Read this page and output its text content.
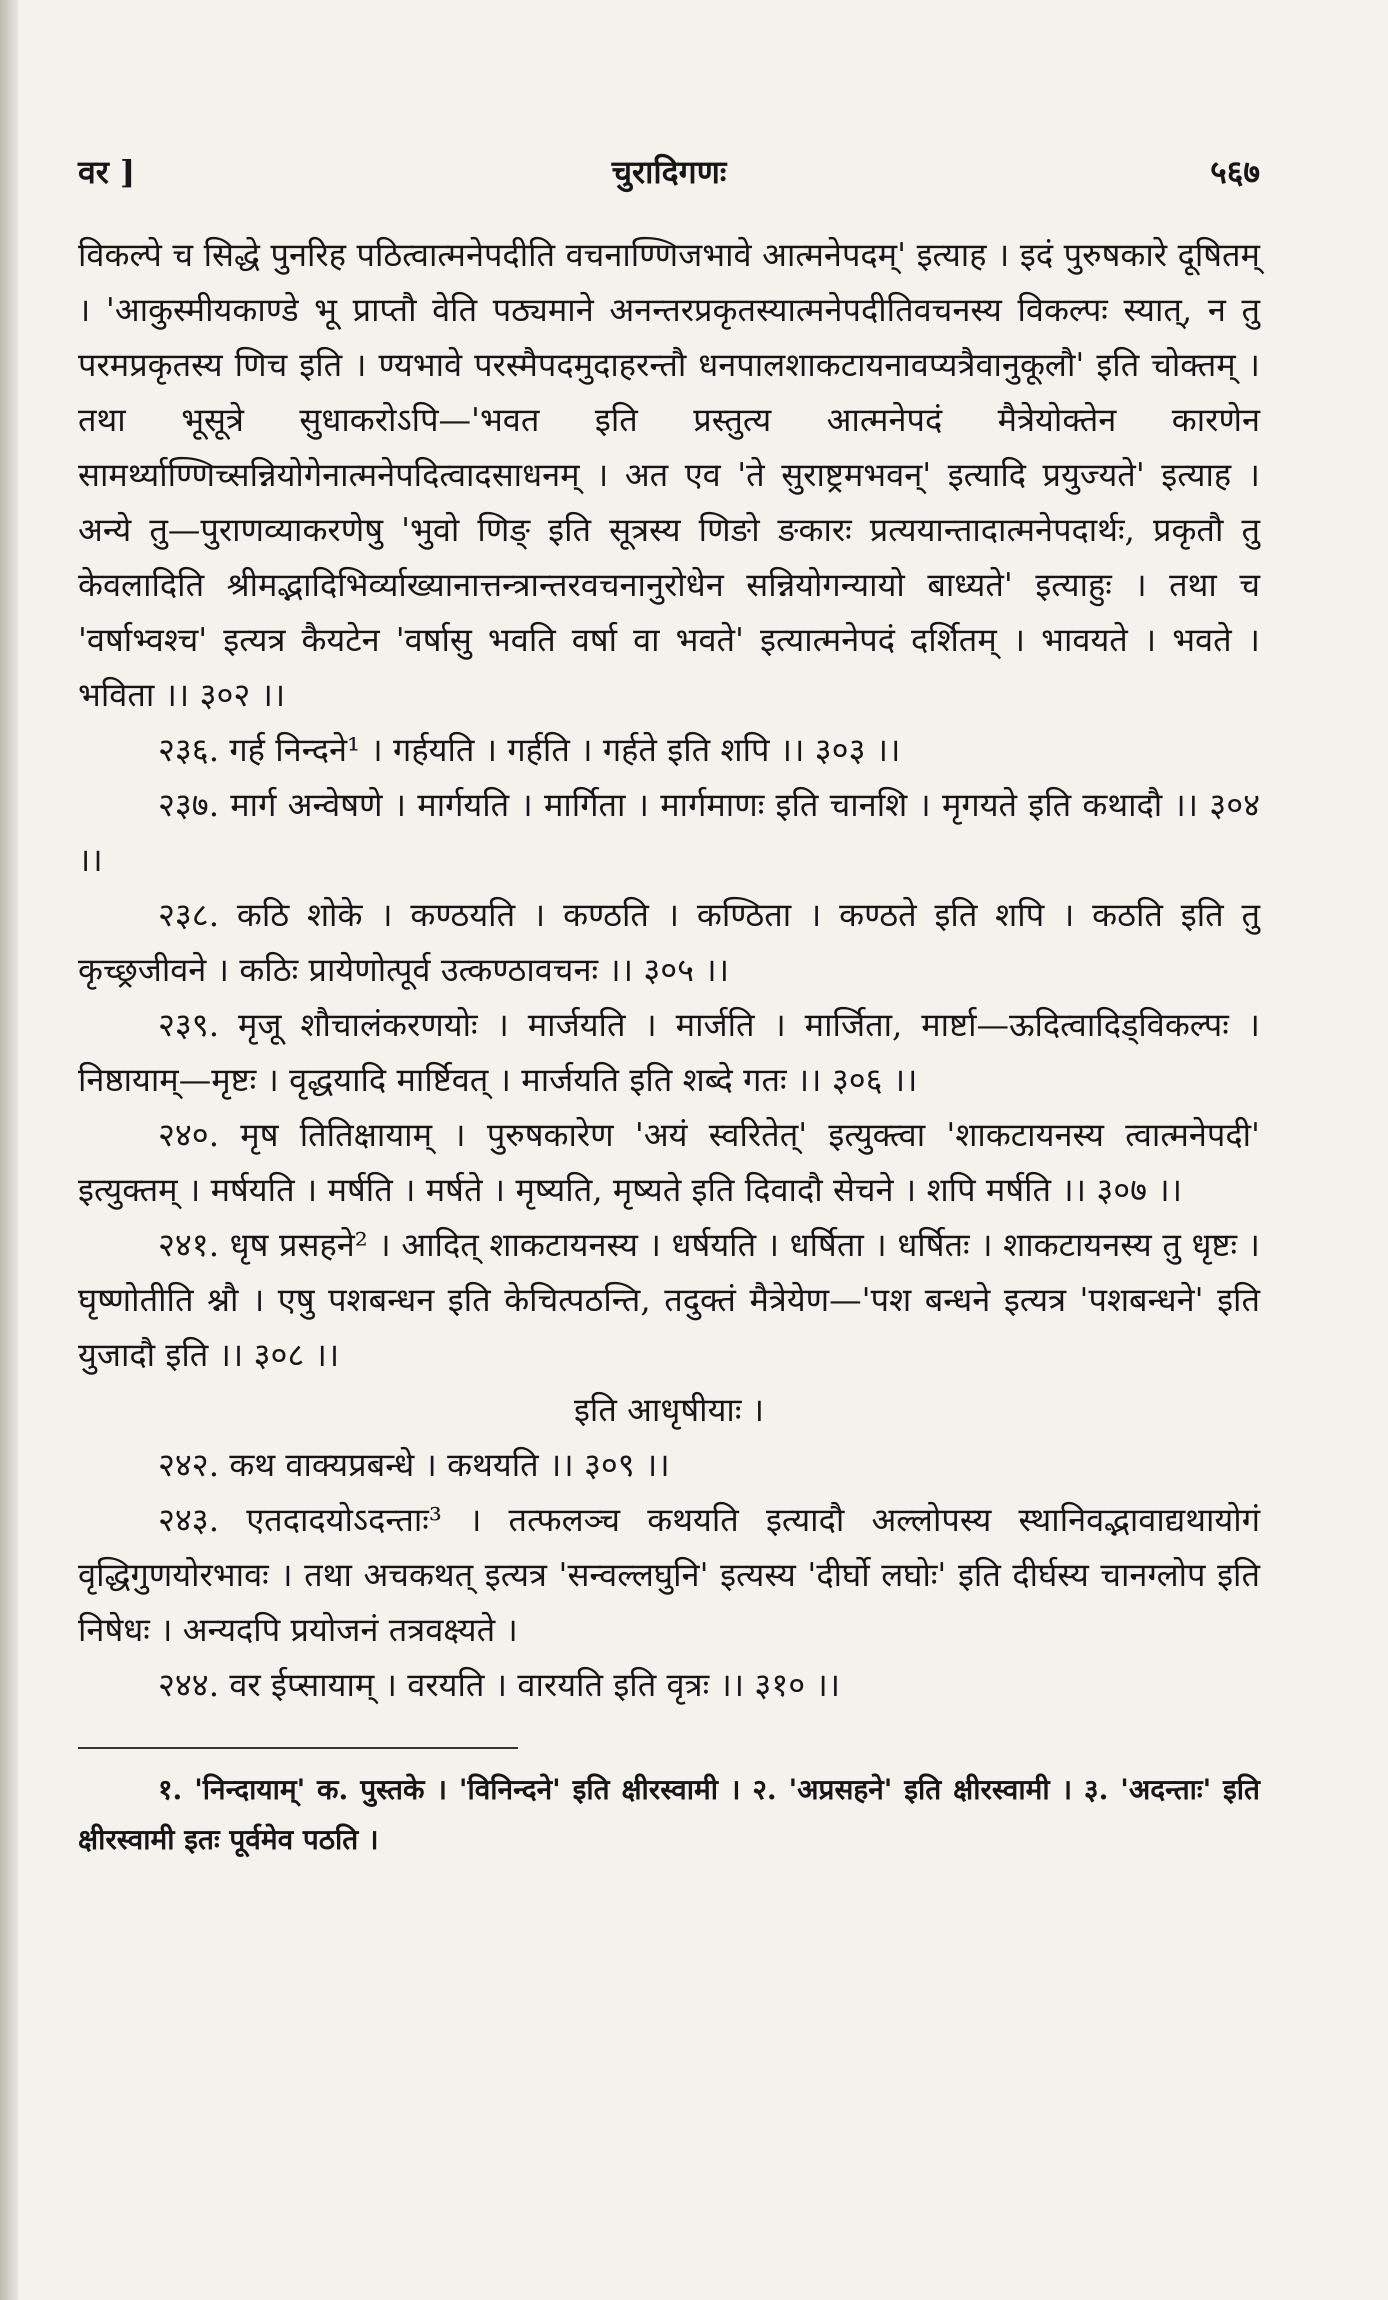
वर ]	चुरादिगणः	५६७

विकल्पे च सिद्धे पुनरिह पठित्वात्मनेपदीति वचनाण्णिजभावे आत्मनेपदम्' इत्याह । इदं पुरुषकारे दूषितम् । 'आकुस्मीयकाण्डे भू प्राप्तौ वेति पठ्यमाने अनन्तरप्रकृतस्यात्मनेपदीतिवचनस्य विकल्पः स्यात्, न तु परमप्रकृतस्य णिच इति । ण्यभावे परस्मैपदमुदाहरन्तौ धनपालशाकटायनावप्यत्रैवानुकूलौ' इति चोक्तम् । तथा भूसूत्रे सुधाकरोऽपि—'भवत इति प्रस्तुत्य आत्मनेपदं मैत्रेयोक्तेन कारणेन सामर्थ्याण्णिच्सन्नियोगेनात्मनेपदित्वादसाधनम् । अत एव 'ते सुराष्ट्रमभवन्' इत्यादि प्रयुज्यते' इत्याह । अन्ये तु—पुराणव्याकरणेषु 'भुवो णिङ् इति सूत्रस्य णिङो ङकारः प्रत्ययान्तादात्मनेपदार्थः, प्रकृतौ तु केवलादिति श्रीमद्भादिभिर्व्याख्यानात्तन्त्रान्तरवचनानुरोधेन सन्नियोगन्यायो बाध्यते' इत्याहुः । तथा च 'वर्षाभ्वश्च' इत्यत्र कैयटेन 'वर्षासु भवति वर्षा वा भवते' इत्यात्मनेपदं दर्शितम् । भावयते । भवते । भविता ।। ३०२ ।।

२३६. गर्ह निन्दने¹ । गर्हयति । गर्हति । गर्हते इति शपि ।। ३०३ ।।

२३७. मार्ग अन्वेषणे । मार्गयति । मार्गिता । मार्गमाणः इति चानशि । मृगयते इति कथादौ ।। ३०४ ।।

२३८. कठि शोके । कण्ठयति । कण्ठति । कण्ठिता । कण्ठते इति शपि । कठति इति तु कृच्छ्रजीवने । कठिः प्रायेणोत्पूर्व उत्कण्ठावचनः ।। ३०५ ।।

२३९. मृजू शौचालंकरणयोः । मार्जयति । मार्जति । मार्जिता, मार्ष्टा—ऊदित्वादिड्विकल्पः । निष्ठायाम्—मृष्टः । वृद्धयादि मार्ष्टिवत् । मार्जयति इति शब्दे गतः ।। ३०६ ।।

२४०. मृष तितिक्षायाम् । पुरुषकारेण 'अयं स्वरितेत्' इत्युक्त्वा 'शाकटायनस्य त्वात्मनेपदी' इत्युक्तम् । मर्षयति । मर्षति । मर्षते । मृष्यति, मृष्यते इति दिवादौ सेचने । शपि मर्षति ।। ३०७ ।।

२४१. धृष प्रसहने² । आदित् शाकटायनस्य । धर्षयति । धर्षिता । धर्षितः । शाकटायनस्य तु धृष्टः । घृष्णोतीति श्नौ । एषु पशबन्धन इति केचित्पठन्ति, तदुक्तं मैत्रेयेण—'पश बन्धने इत्यत्र 'पशबन्धने' इति युजादौ इति ।। ३०८ ।।

इति आधृषीयाः ।

२४२. कथ वाक्यप्रबन्धे । कथयति ।। ३०९ ।।

२४३. एतदादयोऽदन्ताः³ । तत्फलञ्च कथयति इत्यादौ अल्लोपस्य स्थानिवद्भावाद्यथायोगं वृद्धिगुणयोरभावः । तथा अचकथत् इत्यत्र 'सन्वल्लघुनि' इत्यस्य 'दीर्घो लघोः' इति दीर्घस्य चानग्लोप इति निषेधः । अन्यदपि प्रयोजनं तत्रवक्ष्यते ।

२४४. वर ईप्सायाम् । वरयति । वारयति इति वृत्रः ।। ३१० ।।

१. 'निन्दायाम्' क. पुस्तके । 'विनिन्दने' इति क्षीरस्वामी । २. 'अप्रसहने' इति क्षीरस्वामी । ३. 'अदन्ताः' इति क्षीरस्वामी इतः पूर्वमेव पठति ।
